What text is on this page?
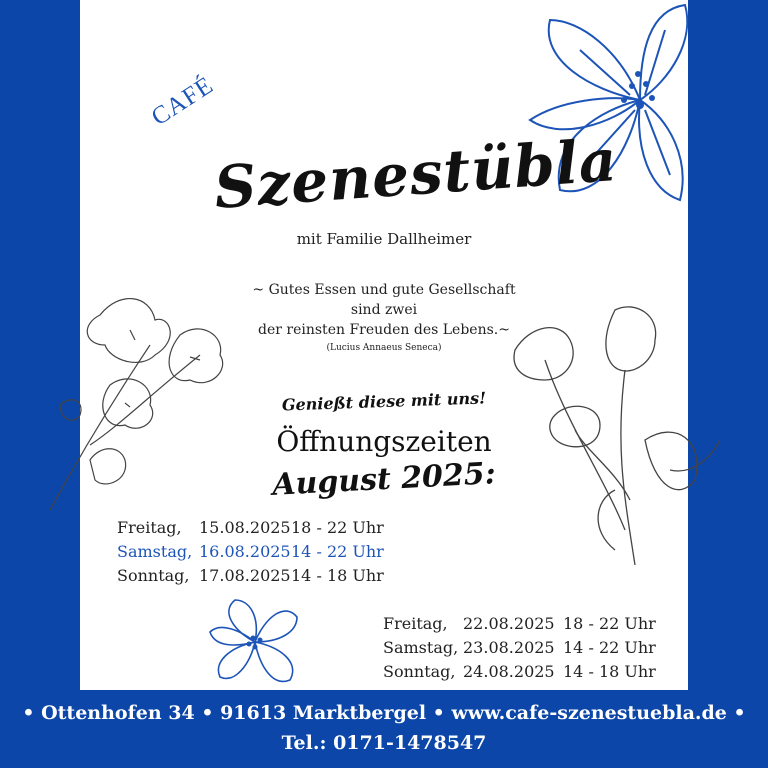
CAFÉ
Szenestübla
mit Familie Dallheimer
~ Gutes Essen und gute Gesellschaft
sind zwei
der reinsten Freuden des Lebens.~
(Lucius Annaeus Seneca)
Genießt diese mit uns!
Öffnungszeiten
August 2025:
Freitag, 15.08.202518 - 22 Uhr
Samstag, 16.08.202514 - 22 Uhr
Sonntag, 17.08.202514 - 18 Uhr
Freitag, 22.08.2025 18 - 22 Uhr
Samstag, 23.08.2025 14 - 22 Uhr
Sonntag, 24.08.2025 14 - 18 Uhr
• Ottenhofen 34 • 91613 Marktbergel • www.cafe-szenestuebla.de •
Tel.: 0171-1478547
